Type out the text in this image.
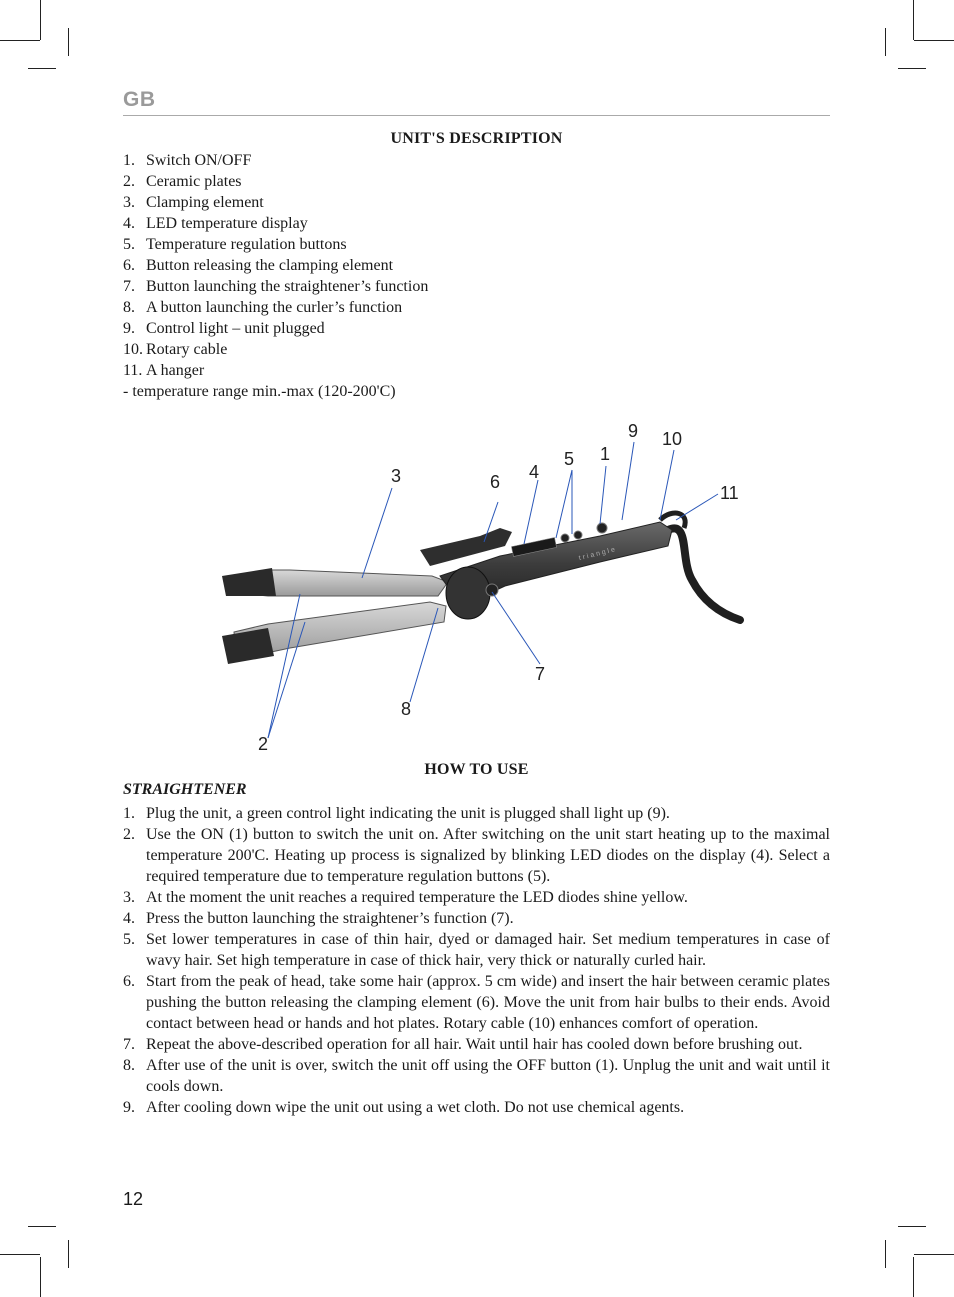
GB
UNIT'S DESCRIPTION
1. Switch ON/OFF
2. Ceramic plates
3. Clamping element
4. LED temperature display
5. Temperature regulation buttons
6. Button releasing the clamping element
7. Button launching the straightener’s function
8. A button launching the curler’s function
9. Control light – unit plugged
10. Rotary cable
11. A hanger
- temperature range min.-max (120-200'C)
triangle
1
2
3	4
5
6
7
8
9 10
11
HOW TO USE
STRAIGHTENER
1. Plug the unit, a green control light indicating the unit is plugged shall light up (9).
2. Use the ON (1) button to switch the unit on. After switching on the unit start heating up to the maximal temperature 200'C. Heating up process is signalized by blinking LED diodes on the display (4). Select a required temperature due to temperature regulation buttons (5).
3. At the moment the unit reaches a required temperature the LED diodes shine yellow.
4. Press the button launching the straightener’s function (7).
5. Set lower temperatures in case of thin hair, dyed or damaged hair. Set medium temperatures in case of wavy hair. Set high temperature in case of thick hair, very thick or naturally curled hair.
6. Start from the peak of head, take some hair (approx. 5 cm wide) and insert the hair between ceramic plates pushing the button releasing the clamping element (6). Move the unit from hair bulbs to their ends. Avoid contact between head or hands and hot plates. Rotary cable (10) enhances comfort of operation.
7. Repeat the above-described operation for all hair. Wait until hair has cooled down before brushing out.
8. After use of the unit is over, switch the unit off using the OFF button (1). Unplug the unit and wait until it cools down.
9. After cooling down wipe the unit out using a wet cloth. Do not use chemical agents.
12
